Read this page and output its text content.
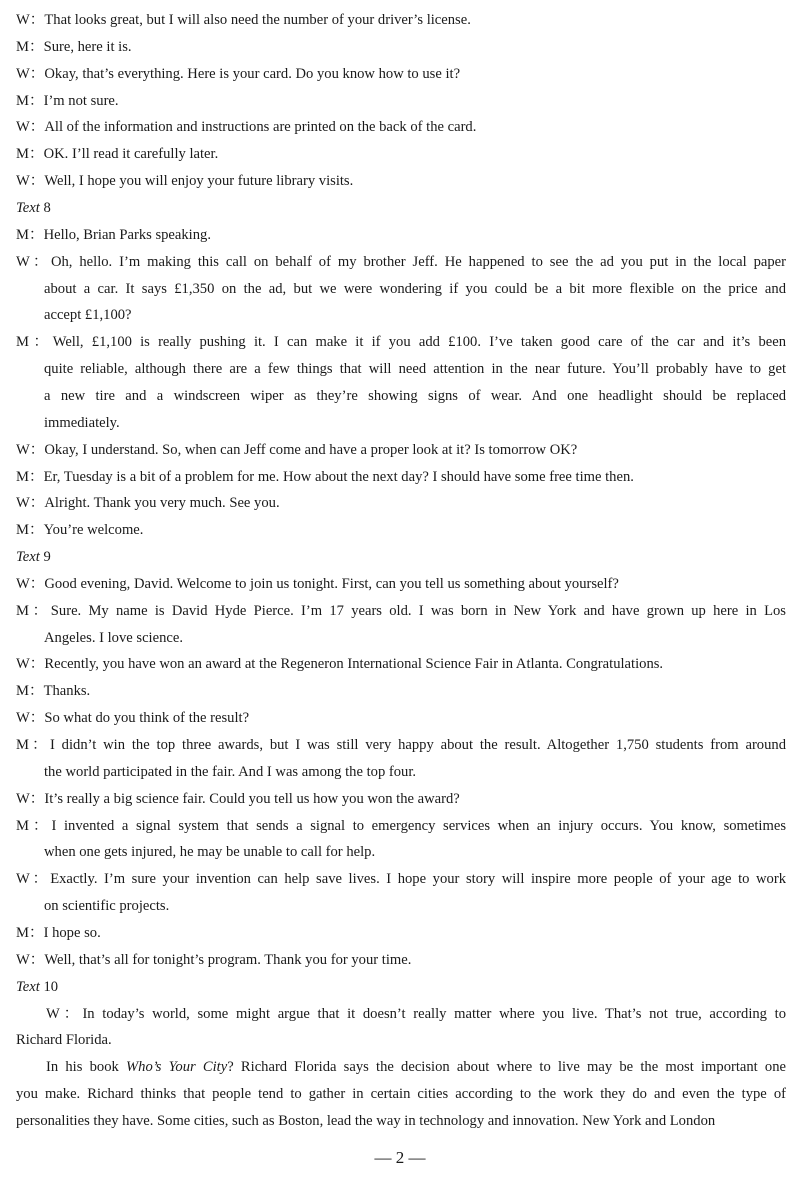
W：That looks great, but I will also need the number of your driver’s license.
M：Sure, here it is.
W：Okay, that’s everything. Here is your card. Do you know how to use it?
M：I’m not sure.
W：All of the information and instructions are printed on the back of the card.
M：OK. I’ll read it carefully later.
W：Well, I hope you will enjoy your future library visits.
Text 8
M：Hello, Brian Parks speaking.
W：Oh, hello. I’m making this call on behalf of my brother Jeff. He happened to see the ad you put in the local paper
about a car. It says £1,350 on the ad, but we were wondering if you could be a bit more flexible on the price and
accept £1,100?
M：Well, £1,100 is really pushing it. I can make it if you add £100. I’ve taken good care of the car and it’s been
quite reliable, although there are a few things that will need attention in the near future. You’ll probably have to get
a new tire and a windscreen wiper as they’re showing signs of wear. And one headlight should be replaced
immediately.
W：Okay, I understand. So, when can Jeff come and have a proper look at it? Is tomorrow OK?
M：Er, Tuesday is a bit of a problem for me. How about the next day? I should have some free time then.
W：Alright. Thank you very much. See you.
M：You’re welcome.
Text 9
W：Good evening, David. Welcome to join us tonight. First, can you tell us something about yourself?
M：Sure. My name is David Hyde Pierce. I’m 17 years old. I was born in New York and have grown up here in Los
Angeles. I love science.
W：Recently, you have won an award at the Regeneron International Science Fair in Atlanta. Congratulations.
M：Thanks.
W：So what do you think of the result?
M：I didn’t win the top three awards, but I was still very happy about the result. Altogether 1,750 students from around
the world participated in the fair. And I was among the top four.
W：It’s really a big science fair. Could you tell us how you won the award?
M：I invented a signal system that sends a signal to emergency services when an injury occurs. You know, sometimes
when one gets injured, he may be unable to call for help.
W：Exactly. I’m sure your invention can help save lives. I hope your story will inspire more people of your age to work
on scientific projects.
M：I hope so.
W：Well, that’s all for tonight’s program. Thank you for your time.
Text 10
W：In today’s world, some might argue that it doesn’t really matter where you live. That’s not true, according to
Richard Florida.
In his book Who’s Your City? Richard Florida says the decision about where to live may be the most important one
you make. Richard thinks that people tend to gather in certain cities according to the work they do and even the type of
personalities they have. Some cities, such as Boston, lead the way in technology and innovation. New York and London
— 2 —
